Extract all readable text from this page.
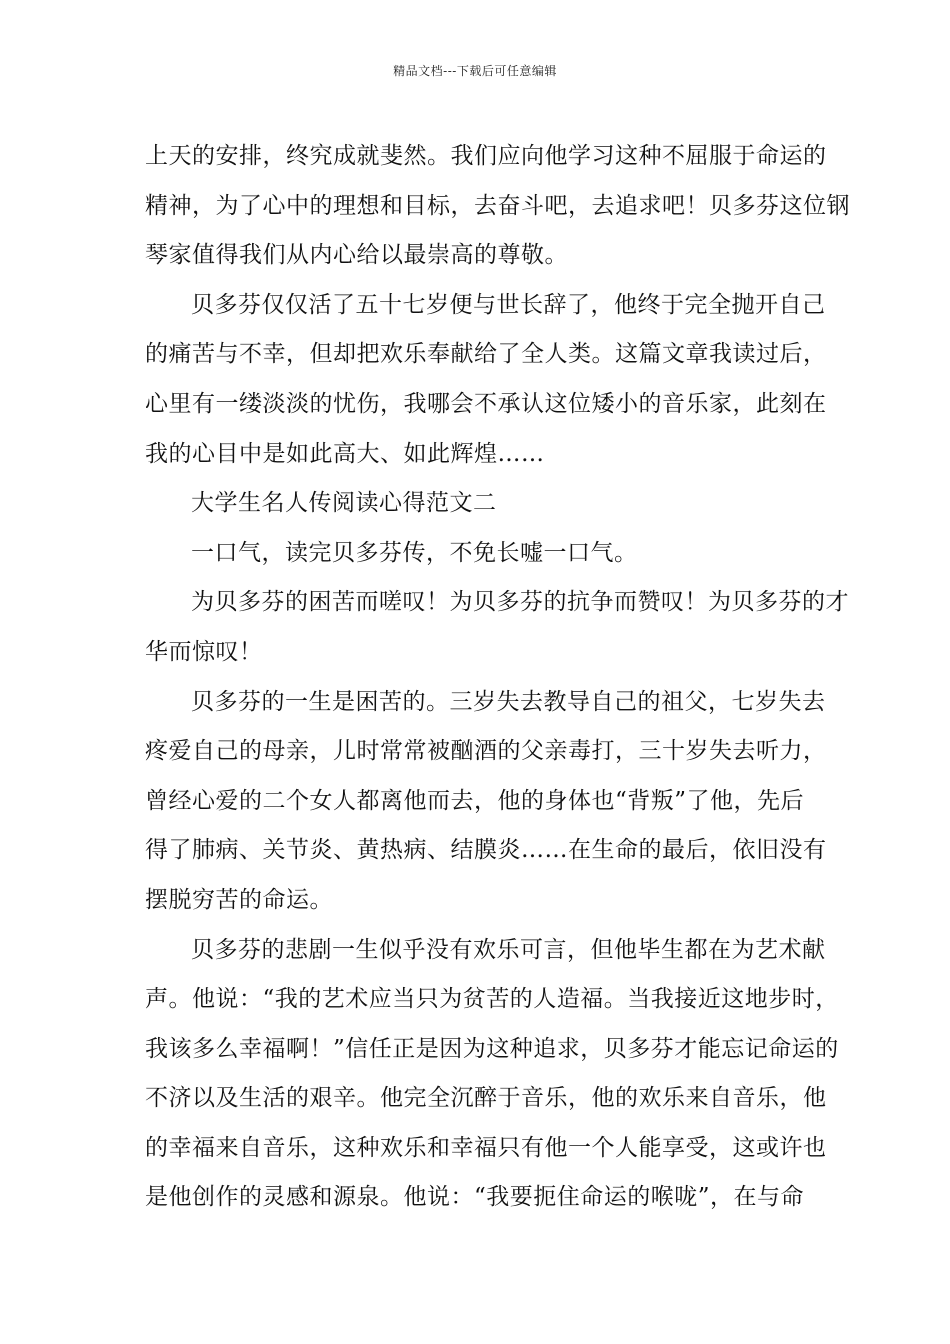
精品文档---下载后可任意编辑
上天的安排，终究成就斐然。我们应向他学习这种不屈服于命运的
精神，为了心中的理想和目标，去奋斗吧，去追求吧！贝多芬这位钢
琴家值得我们从内心给以最崇高的尊敬。
贝多芬仅仅活了五十七岁便与世长辞了，他终于完全抛开自己
的痛苦与不幸，但却把欢乐奉献给了全人类。这篇文章我读过后，
心里有一缕淡淡的忧伤，我哪会不承认这位矮小的音乐家，此刻在
我的心目中是如此高大、如此辉煌……
大学生名人传阅读心得范文二
一口气，读完贝多芬传，不免长嘘一口气。
为贝多芬的困苦而嗟叹！为贝多芬的抗争而赞叹！为贝多芬的才
华而惊叹！
贝多芬的一生是困苦的。三岁失去教导自己的祖父，七岁失去
疼爱自己的母亲，儿时常常被酗酒的父亲毒打，三十岁失去听力，
曾经心爱的二个女人都离他而去，他的身体也“背叛”了他，先后
得了肺病、关节炎、黄热病、结膜炎……在生命的最后，依旧没有
摆脱穷苦的命运。
贝多芬的悲剧一生似乎没有欢乐可言，但他毕生都在为艺术献
声。他说：“我的艺术应当只为贫苦的人造福。当我接近这地步时，
我该多么幸福啊！”信任正是因为这种追求，贝多芬才能忘记命运的
不济以及生活的艰辛。他完全沉醉于音乐，他的欢乐来自音乐，他
的幸福来自音乐，这种欢乐和幸福只有他一个人能享受，这或许也
是他创作的灵感和源泉。他说：“我要扼住命运的喉咙”，在与命
